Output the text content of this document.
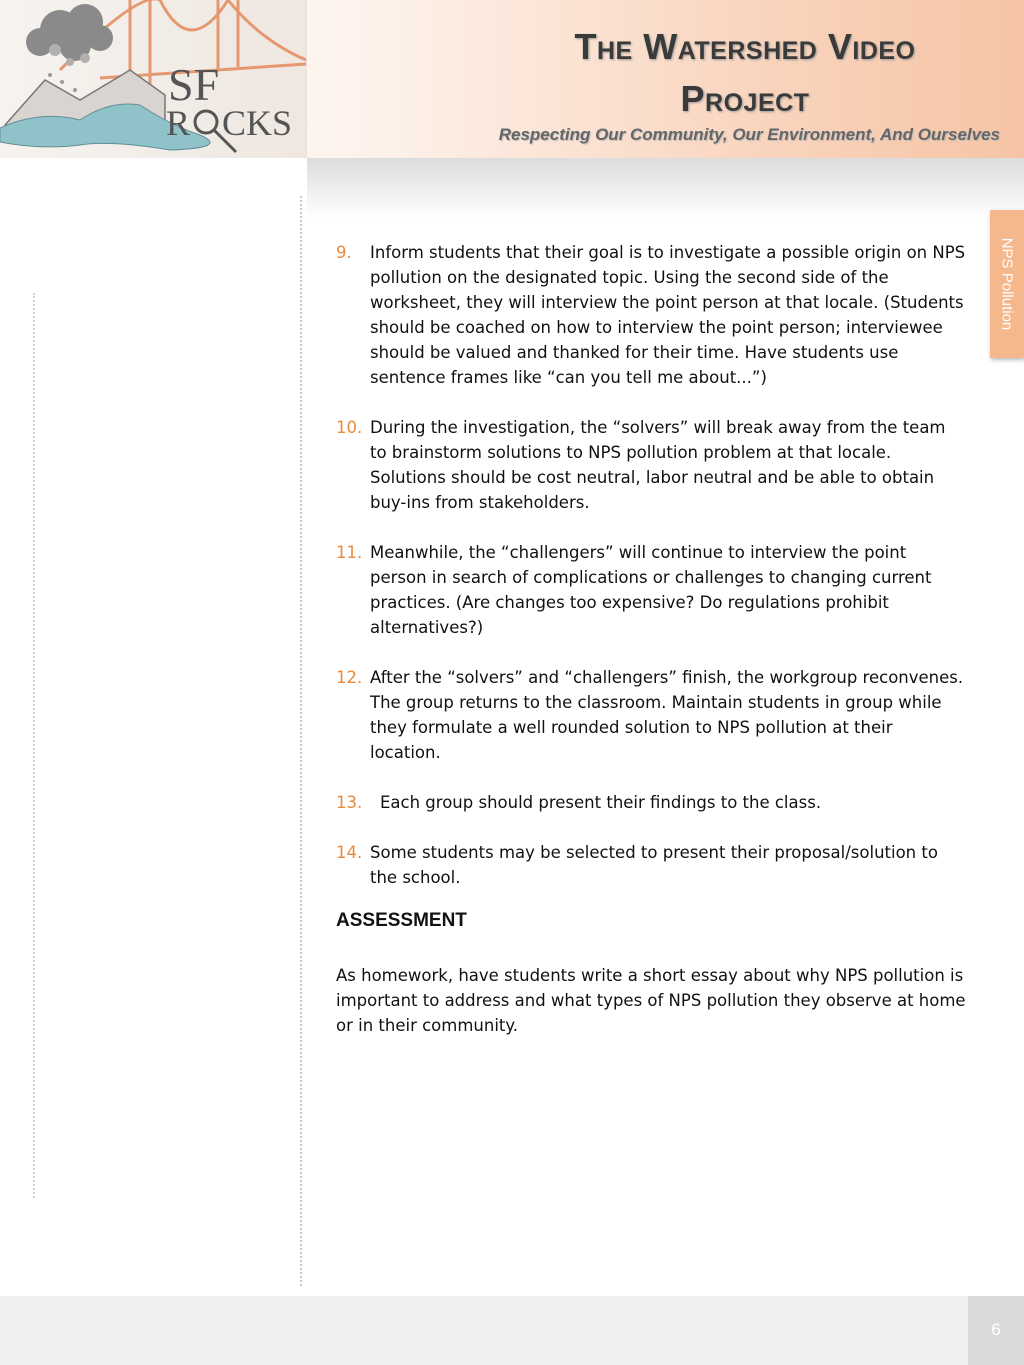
SF
R CKS
The Watershed Video
Project
Respecting Our Community, Our Environment, And Ourselves
NPS Pollution
9. Inform students that their goal is to investigate a possible origin on NPS pollution on the designated topic. Using the second side of the worksheet, they will interview the point person at that locale. (Students should be coached on how to interview the point person; interviewee should be valued and thanked for their time. Have students use sentence frames like “can you tell me about...”)
10. During the investigation, the “solvers” will break away from the team to brainstorm solutions to NPS pollution problem at that locale. Solutions should be cost neutral, labor neutral and be able to obtain buy-ins from stakeholders.
11. Meanwhile, the “challengers” will continue to interview the point person in search of complications or challenges to changing current practices. (Are changes too expensive? Do regulations prohibit alternatives?)
12. After the “solvers” and “challengers” finish, the workgroup reconvenes. The group returns to the classroom. Maintain students in group while they formulate a well rounded solution to NPS pollution at their location.
13.	Each group should present their findings to the class.
14. Some students may be selected to present their proposal/solution to the school.
ASSESSMENT
As homework, have students write a short essay about why NPS pollution is important to address and what types of NPS pollution they observe at home or in their community.
6
